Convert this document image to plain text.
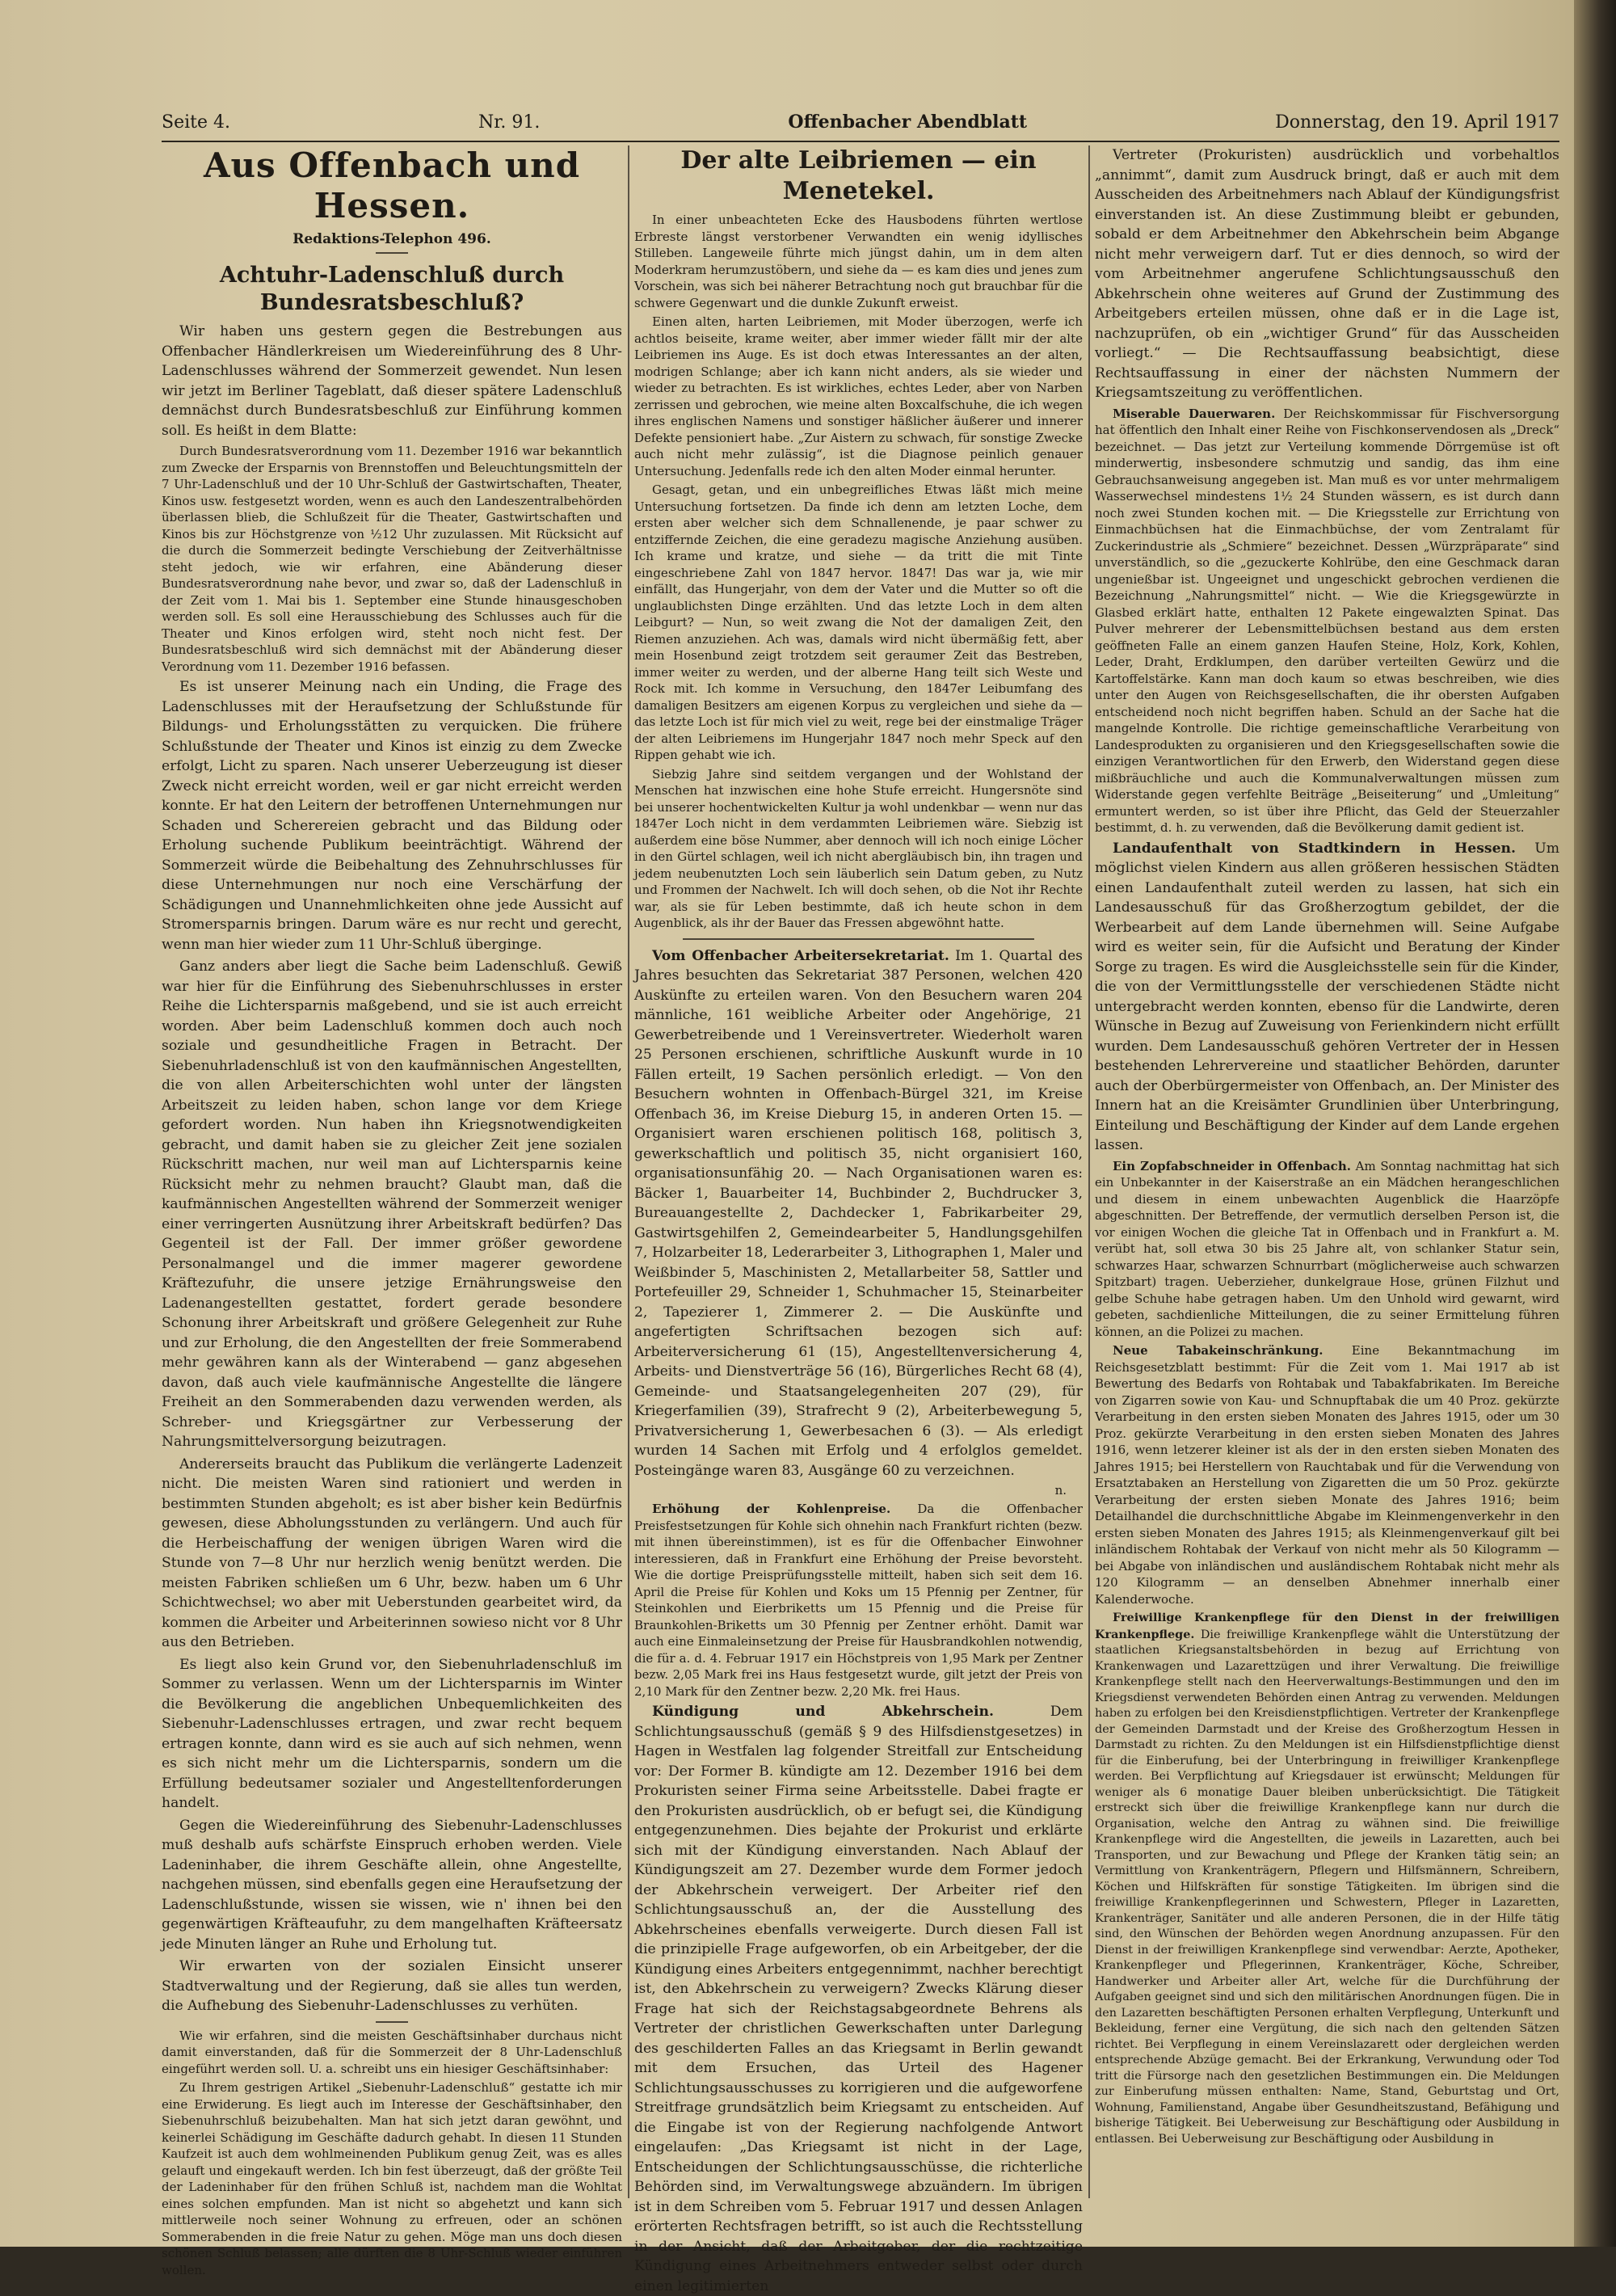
Seite 4.	Nr. 91.	Offenbacher Abendblatt	Donnerstag, den 19. April 1917
Aus Offenbach und Hessen.
Redaktions-Telephon 496.
Achtuhr-Ladenschluß durch Bundesratsbeschluß?

Wir haben uns gestern gegen die Bestrebungen aus Offenbacher Händlerkreisen um Wiedereinführung des 8 Uhr-Ladenschlusses während der Sommerzeit gewendet. Nun lesen wir jetzt im Berliner Tageblatt, daß dieser spätere Ladenschluß demnächst durch Bundesratsbeschluß zur Einführung kommen soll. Es heißt in dem Blatte:

Durch Bundesratsverordnung vom 11. Dezember 1916 war bekanntlich zum Zwecke der Ersparnis von Brennstoffen und Beleuchtungsmitteln der 7 Uhr-Ladenschluß und der 10 Uhr-Schluß der Gastwirtschaften, Theater, Kinos usw. festgesetzt worden, wenn es auch den Landeszentralbehörden überlassen blieb, die Schlußzeit für die Theater, Gastwirtschaften und Kinos bis zur Höchstgrenze von ½12 Uhr zuzulassen. Mit Rücksicht auf die durch die Sommerzeit bedingte Verschiebung der Zeitverhältnisse steht jedoch, wie wir erfahren, eine Abänderung dieser Bundesratsverordnung nahe bevor, und zwar so, daß der Ladenschluß in der Zeit vom 1. Mai bis 1. September eine Stunde hinausgeschoben werden soll. Es soll eine Herausschiebung des Schlusses auch für die Theater und Kinos erfolgen wird, steht noch nicht fest. Der Bundesratsbeschluß wird sich demnächst mit der Abänderung dieser Verordnung vom 11. Dezember 1916 befassen.

Es ist unserer Meinung nach ein Unding, die Frage des Ladenschlusses mit der Heraufsetzung der Schlußstunde für Bildungs- und Erholungsstätten zu verquicken. Die frühere Schlußstunde der Theater und Kinos ist einzig zu dem Zwecke erfolgt, Licht zu sparen. Nach unserer Ueberzeugung ist dieser Zweck nicht erreicht worden, weil er gar nicht erreicht werden konnte. Er hat den Leitern der betroffenen Unternehmungen nur Schaden und Scherereien gebracht und das Bildung oder Erholung suchende Publikum beeinträchtigt. Während der Sommerzeit würde die Beibehaltung des Zehnuhrschlusses für diese Unternehmungen nur noch eine Verschärfung der Schädigungen und Unannehmlichkeiten ohne jede Aussicht auf Stromersparnis bringen. Darum wäre es nur recht und gerecht, wenn man hier wieder zum 11 Uhr-Schluß überginge.

Ganz anders aber liegt die Sache beim Ladenschluß. Gewiß war hier für die Einführung des Siebenuhrschlusses in erster Reihe die Lichtersparnis maßgebend, und sie ist auch erreicht worden. Aber beim Ladenschluß kommen doch auch noch soziale und gesundheitliche Fragen in Betracht. Der Siebenuhrladenschluß ist von den kaufmännischen Angestellten, die von allen Arbeiterschichten wohl unter der längsten Arbeitszeit zu leiden haben, schon lange vor dem Kriege gefordert worden. Nun haben ihn Kriegsnotwendigkeiten gebracht, und damit haben sie zu gleicher Zeit jene sozialen Rückschritt machen, nur weil man auf Lichtersparnis keine Rücksicht mehr zu nehmen braucht? Glaubt man, daß die kaufmännischen Angestellten während der Sommerzeit weniger einer verringerten Ausnützung ihrer Arbeitskraft bedürfen? Das Gegenteil ist der Fall. Der immer größer gewordene Personalmangel und die immer magerer gewordene Kräftezufuhr, die unsere jetzige Ernährungsweise den Ladenangestellten gestattet, fordert gerade besondere Schonung ihrer Arbeitskraft und größere Gelegenheit zur Ruhe und zur Erholung, die den Angestellten der freie Sommerabend mehr gewähren kann als der Winterabend — ganz abgesehen davon, daß auch viele kaufmännische Angestellte die längere Freiheit an den Sommerabenden dazu verwenden werden, als Schreber- und Kriegsgärtner zur Verbesserung der Nahrungsmittelversorgung beizutragen.

Andererseits braucht das Publikum die verlängerte Ladenzeit nicht. Die meisten Waren sind rationiert und werden in bestimmten Stunden abgeholt; es ist aber bisher kein Bedürfnis gewesen, diese Abholungsstunden zu verlängern. Und auch für die Herbeischaffung der wenigen übrigen Waren wird die Stunde von 7—8 Uhr nur herzlich wenig benützt werden. Die meisten Fabriken schließen um 6 Uhr, bezw. haben um 6 Uhr Schichtwechsel; wo aber mit Ueberstunden gearbeitet wird, da kommen die Arbeiter und Arbeiterinnen sowieso nicht vor 8 Uhr aus den Betrieben.

Es liegt also kein Grund vor, den Siebenuhrladenschluß im Sommer zu verlassen. Wenn um der Lichtersparnis im Winter die Bevölkerung die angeblichen Unbequemlichkeiten des Siebenuhr-Ladenschlusses ertragen, und zwar recht bequem ertragen konnte, dann wird es sie auch auf sich nehmen, wenn es sich nicht mehr um die Lichtersparnis, sondern um die Erfüllung bedeutsamer sozialer und Angestelltenforderungen handelt.

Gegen die Wiedereinführung des Siebenuhr-Ladenschlusses muß deshalb aufs schärfste Einspruch erhoben werden. Viele Ladeninhaber, die ihrem Geschäfte allein, ohne Angestellte, nachgehen müssen, sind ebenfalls gegen eine Heraufsetzung der Ladenschlußstunde, wissen sie wissen, wie n' ihnen bei den gegenwärtigen Kräfteaufuhr, zu dem mangelhaften Kräfteersatz jede Minuten länger an Ruhe und Erholung tut.

Wir erwarten von der sozialen Einsicht unserer Stadtverwaltung und der Regierung, daß sie alles tun werden, die Aufhebung des Siebenuhr-Ladenschlusses zu verhüten.

Wie wir erfahren, sind die meisten Geschäftsinhaber durchaus nicht damit einverstanden, daß für die Sommerzeit der 8 Uhr-Ladenschluß eingeführt werden soll. U. a. schreibt uns ein hiesiger Geschäftsinhaber:

Zu Ihrem gestrigen Artikel „Siebenuhr-Ladenschluß“ gestatte ich mir eine Erwiderung. Es liegt auch im Interesse der Geschäftsinhaber, den Siebenuhrschluß beizubehalten. Man hat sich jetzt daran gewöhnt, und keinerlei Schädigung im Geschäfte dadurch gehabt. In diesen 11 Stunden Kaufzeit ist auch dem wohlmeinenden Publikum genug Zeit, was es alles gelauft und eingekauft werden. Ich bin fest überzeugt, daß der größte Teil der Ladeninhaber für den frühen Schluß ist, nachdem man die Wohltat eines solchen empfunden. Man ist nicht so abgehetzt und kann sich mittlerweile noch seiner Wohnung zu erfreuen, oder an schönen Sommerabenden in die freie Natur zu gehen. Möge man uns doch diesen schönen Schluß belassen; alle dürften die 8 Uhr-Schluß wieder einführen wollen.

Der alte Leibriemen — ein Menetekel.

In einer unbeachteten Ecke des Hausbodens führten wertlose Erbreste längst verstorbener Verwandten ein wenig idyllisches Stilleben. Langeweile führte mich jüngst dahin, um in dem alten Moderkram herumzustöbern, und siehe da — es kam dies und jenes zum Vorschein, was sich bei näherer Betrachtung noch gut brauchbar für die schwere Gegenwart und die dunkle Zukunft erweist.

Einen alten, harten Leibriemen, mit Moder überzogen, werfe ich achtlos beiseite, krame weiter, aber immer wieder fällt mir der alte Leibriemen ins Auge. Es ist doch etwas Interessantes an der alten, modrigen Schlange; aber ich kann nicht anders, als sie wieder und wieder zu betrachten. Es ist wirkliches, echtes Leder, aber von Narben zerrissen und gebrochen, wie meine alten Boxcalfschuhe, die ich wegen ihres englischen Namens und sonstiger häßlicher äußerer und innerer Defekte pensioniert habe. „Zur Aistern zu schwach, für sonstige Zwecke auch nicht mehr zulässig“, ist die Diagnose peinlich genauer Untersuchung. Jedenfalls rede ich den alten Moder einmal herunter.

Gesagt, getan, und ein unbegreifliches Etwas läßt mich meine Untersuchung fortsetzen. Da finde ich denn am letzten Loche, dem ersten aber welcher sich dem Schnallenende, je paar schwer zu entziffernde Zeichen, die eine geradezu magische Anziehung ausüben. Ich krame und kratze, und siehe — da tritt die mit Tinte eingeschriebene Zahl von 1847 hervor. 1847! Das war ja, wie mir einfällt, das Hungerjahr, von dem der Vater und die Mutter so oft die unglaublichsten Dinge erzählten. Und das letzte Loch in dem alten Leibgurt? — Nun, so weit zwang die Not der damaligen Zeit, den Riemen anzuziehen. Ach was, damals wird nicht übermäßig fett, aber mein Hosenbund zeigt trotzdem seit geraumer Zeit das Bestreben, immer weiter zu werden, und der alberne Hang teilt sich Weste und Rock mit. Ich komme in Versuchung, den 1847er Leibumfang des damaligen Besitzers am eigenen Korpus zu vergleichen und siehe da — das letzte Loch ist für mich viel zu weit, rege bei der einstmalige Träger der alten Leibriemens im Hungerjahr 1847 noch mehr Speck auf den Rippen gehabt wie ich.

Siebzig Jahre sind seitdem vergangen und der Wohlstand der Menschen hat inzwischen eine hohe Stufe erreicht. Hungersnöte sind bei unserer hochentwickelten Kultur ja wohl undenkbar — wenn nur das 1847er Loch nicht in dem verdammten Leibriemen wäre. Siebzig ist außerdem eine böse Nummer, aber dennoch will ich noch einige Löcher in den Gürtel schlagen, weil ich nicht abergläubisch bin, ihn tragen und jedem neubenutzten Loch sein läuberlich sein Datum geben, zu Nutz und Frommen der Nachwelt. Ich will doch sehen, ob die Not ihr Rechte war, als sie für Leben bestimmte, daß ich heute schon in dem Augenblick, als ihr der Bauer das Fressen abgewöhnt hatte.

Vom Offenbacher Arbeitersekretariat. Im 1. Quartal des Jahres besuchten das Sekretariat 387 Personen, welchen 420 Auskünfte zu erteilen waren. Von den Besuchern waren 204 männliche, 161 weibliche Arbeiter oder Angehörige, 21 Gewerbetreibende und 1 Vereinsvertreter. Wiederholt waren 25 Personen erschienen, schriftliche Auskunft wurde in 10 Fällen erteilt, 19 Sachen persönlich erledigt. — Von den Besuchern wohnten in Offenbach-Bürgel 321, im Kreise Offenbach 36, im Kreise Dieburg 15, in anderen Orten 15. — Organisiert waren erschienen politisch 168, politisch 3, gewerkschaftlich und politisch 35, nicht organisiert 160, organisationsunfähig 20. — Nach Organisationen waren es: Bäcker 1, Bauarbeiter 14, Buchbinder 2, Buchdrucker 3, Bureauangestellte 2, Dachdecker 1, Fabrikarbeiter 29, Gastwirtsgehilfen 2, Gemeindearbeiter 5, Handlungsgehilfen 7, Holzarbeiter 18, Lederarbeiter 3, Lithographen 1, Maler und Weißbinder 5, Maschinisten 2, Metallarbeiter 58, Sattler und Portefeuiller 29, Schneider 1, Schuhmacher 15, Steinarbeiter 2, Tapezierer 1, Zimmerer 2. — Die Auskünfte und angefertigten Schriftsachen bezogen sich auf: Arbeiterversicherung 61 (15), Angestelltenversicherung 4, Arbeits- und Dienstverträge 56 (16), Bürgerliches Recht 68 (4), Gemeinde- und Staatsangelegenheiten 207 (29), für Kriegerfamilien (39), Strafrecht 9 (2), Arbeiterbewegung 5, Privatversicherung 1, Gewerbesachen 6 (3). — Als erledigt wurden 14 Sachen mit Erfolg und 4 erfolglos gemeldet. Posteingänge waren 83, Ausgänge 60 zu verzeichnen.

n.

Erhöhung der Kohlenpreise. Da die Offenbacher Preisfestsetzungen für Kohle sich ohnehin nach Frankfurt richten (bezw. mit ihnen übereinstimmen), ist es für die Offenbacher Einwohner interessieren, daß in Frankfurt eine Erhöhung der Preise bevorsteht. Wie die dortige Preisprüfungsstelle mitteilt, haben sich seit dem 16. April die Preise für Kohlen und Koks um 15 Pfennig per Zentner, für Steinkohlen und Eierbriketts um 15 Pfennig und die Preise für Braunkohlen-Briketts um 30 Pfennig per Zentner erhöht. Damit war auch eine Einmaleinsetzung der Preise für Hausbrandkohlen notwendig, die für a. d. 4. Februar 1917 ein Höchstpreis von 1,95 Mark per Zentner bezw. 2,05 Mark frei ins Haus festgesetzt wurde, gilt jetzt der Preis von 2,10 Mark für den Zentner bezw. 2,20 Mk. frei Haus.

Kündigung und Abkehrschein.	Dem Schlichtungsausschuß (gemäß § 9 des Hilfsdienstgesetzes) in Hagen in Westfalen lag folgender Streitfall zur Entscheidung vor: Der Former B. kündigte am 12. Dezember 1916 bei dem Prokuristen seiner Firma seine Arbeitsstelle. Dabei fragte er den Prokuristen ausdrücklich, ob er befugt sei, die Kündigung entgegenzunehmen. Dies bejahte der Prokurist und erklärte sich mit der Kündigung einverstanden. Nach Ablauf der Kündigungszeit am 27. Dezember wurde dem Former jedoch der Abkehrschein verweigert. Der Arbeiter rief den Schlichtungsausschuß an, der die Ausstellung des Abkehrscheines ebenfalls verweigerte. Durch diesen Fall ist die prinzipielle Frage aufgeworfen, ob ein Arbeitgeber, der die Kündigung eines Arbeiters entgegennimmt, nachher berechtigt ist, den Abkehrschein zu verweigern? Zwecks Klärung dieser Frage hat sich der Reichstagsabgeordnete Behrens als Vertreter der christlichen Gewerkschaften unter Darlegung des geschilderten Falles an das Kriegsamt in Berlin gewandt mit dem Ersuchen, das Urteil des Hagener Schlichtungsausschusses zu korrigieren und die aufgeworfene Streitfrage grundsätzlich beim Kriegsamt zu entscheiden. Auf die Eingabe ist von der Regierung nachfolgende Antwort eingelaufen: „Das Kriegsamt ist nicht in der Lage, Entscheidungen der Schlichtungsausschüsse, die richterliche Behörden sind, im Verwaltungswege abzuändern. Im übrigen ist in dem Schreiben vom 5. Februar 1917 und dessen Anlagen erörterten Rechtsfragen betrifft, so ist auch die Rechtsstellung in der Ansicht, daß der Arbeitgeber, der die rechtzeitige Kündigung eines Arbeitnehmers entweder selbst oder durch einen legitimierten

Vertreter (Prokuristen) ausdrücklich und vorbehaltlos „annimmt“, damit zum Ausdruck bringt, daß er auch mit dem Ausscheiden des Arbeitnehmers nach Ablauf der Kündigungsfrist einverstanden ist. An diese Zustimmung bleibt er gebunden, sobald er dem Arbeitnehmer den Abkehrschein beim Abgange nicht mehr verweigern darf. Tut er dies dennoch, so wird der vom Arbeitnehmer angerufene Schlichtungsausschuß den Abkehrschein ohne weiteres auf Grund der Zustimmung des Arbeitgebers erteilen müssen, ohne daß er in die Lage ist, nachzuprüfen, ob ein „wichtiger Grund“ für das Ausscheiden vorliegt.“ — Die Rechtsauffassung beabsichtigt, diese Rechtsauffassung in einer der nächsten Nummern der Kriegsamtszeitung zu veröffentlichen.

Miserable Dauerwaren. Der Reichskommissar für Fischversorgung hat öffentlich den Inhalt einer Reihe von Fischkonservendosen als „Dreck“ bezeichnet. — Das jetzt zur Verteilung kommende Dörrgemüse ist oft minderwertig, insbesondere schmutzig und sandig, das ihm eine Gebrauchsanweisung angegeben ist. Man muß es vor unter mehrmaligem Wasserwechsel mindestens 1½ 24 Stunden wässern, es ist durch dann noch zwei Stunden kochen mit. — Die Kriegsstelle zur Errichtung von Einmachbüchsen hat die Einmachbüchse, der vom Zentralamt für Zuckerindustrie als „Schmiere“ bezeichnet. Dessen „Würzpräparate“ sind unverständlich, so die „gezuckerte Kohlrübe, den eine Geschmack daran ungenießbar ist. Ungeeignet und ungeschickt gebrochen verdienen die Bezeichnung „Nahrungsmittel“ nicht. — Wie die Kriegsgewürzte in Glasbed erklärt hatte, enthalten 12 Pakete eingewalzten Spinat. Das Pulver mehrerer der Lebensmittelbüchsen bestand aus dem ersten geöffneten Falle an einem ganzen Haufen Steine, Holz, Kork, Kohlen, Leder, Draht, Erdklumpen, den darüber verteilten Gewürz und die Kartoffelstärke. Kann man doch kaum so etwas beschreiben, wie dies unter den Augen von Reichsgesellschaften, die ihr obersten Aufgaben entscheidend noch nicht begriffen haben. Schuld an der Sache hat die mangelnde Kontrolle. Die richtige gemeinschaftliche Verarbeitung von Landesprodukten zu organisieren und den Kriegsgesellschaften sowie die einzigen Verantwortlichen für den Erwerb, den Widerstand gegen diese mißbräuchliche und auch die Kommunalverwaltungen müssen zum Widerstande gegen verfehlte Beiträge „Beiseiterung“ und „Umleitung“ ermuntert werden, so ist über ihre Pflicht, das Geld der Steuerzahler bestimmt, d. h. zu verwenden, daß die Bevölkerung damit gedient ist.

Landaufenthalt von Stadtkindern in Hessen. Um möglichst vielen Kindern aus allen größeren hessischen Städten einen Landaufenthalt zuteil werden zu lassen, hat sich ein Landesausschuß für das Großherzogtum gebildet, der die Werbearbeit auf dem Lande übernehmen will. Seine Aufgabe wird es weiter sein, für die Aufsicht und Beratung der Kinder Sorge zu tragen. Es wird die Ausgleichsstelle sein für die Kinder, die von der Vermittlungsstelle der verschiedenen Städte nicht untergebracht werden konnten, ebenso für die Landwirte, deren Wünsche in Bezug auf Zuweisung von Ferienkindern nicht erfüllt wurden. Dem Landesausschuß gehören Vertreter der in Hessen bestehenden Lehrervereine und staatlicher Behörden, darunter auch der Oberbürgermeister von Offenbach, an. Der Minister des Innern hat an die Kreisämter Grundlinien über Unterbringung, Einteilung und Beschäftigung der Kinder auf dem Lande ergehen lassen.

Ein Zopfabschneider in Offenbach. Am Sonntag nachmittag hat sich ein Unbekannter in der Kaiserstraße an ein Mädchen herangeschlichen und diesem in einem unbewachten Augenblick die Haarzöpfe abgeschnitten. Der Betreffende, der vermutlich derselben Person ist, die vor einigen Wochen die gleiche Tat in Offenbach und in Frankfurt a. M. verübt hat, soll etwa 30 bis 25 Jahre alt, von schlanker Statur sein, schwarzes Haar, schwarzen Schnurrbart (möglicherweise auch schwarzen Spitzbart) tragen. Ueberzieher, dunkelgraue Hose, grünen Filzhut und gelbe Schuhe habe getragen haben. Um den Unhold wird gewarnt, wird gebeten, sachdienliche Mitteilungen, die zu seiner Ermittelung führen können, an die Polizei zu machen.

Neue Tabakeinschränkung. Eine Bekanntmachung im Reichsgesetzblatt bestimmt: Für die Zeit vom 1. Mai 1917 ab ist Bewertung des Bedarfs von Rohtabak und Tabakfabrikaten. Im Bereiche von Zigarren sowie von Kau- und Schnupftabak die um 40 Proz. gekürzte Verarbeitung in den ersten sieben Monaten des Jahres 1915, oder um 30 Proz. gekürzte Verarbeitung in den ersten sieben Monaten des Jahres 1916, wenn letzerer kleiner ist als der in den ersten sieben Monaten des Jahres 1915; bei Herstellern von Rauchtabak und für die Verwendung von Ersatztabaken an Herstellung von Zigaretten die um 50 Proz. gekürzte Verarbeitung der ersten sieben Monate des Jahres 1916; beim Detailhandel die durchschnittliche Abgabe im Kleinmengenverkehr in den ersten sieben Monaten des Jahres 1915; als Kleinmengenverkauf gilt bei inländischem Rohtabak der Verkauf von nicht mehr als 50 Kilogramm — bei Abgabe von inländischen und ausländischem Rohtabak nicht mehr als 120 Kilogramm — an denselben Abnehmer innerhalb einer Kalenderwoche.

Freiwillige Krankenpflege für den Dienst in der freiwilligen Krankenpflege. Die freiwillige Krankenpflege wählt die Unterstützung der staatlichen Kriegsanstaltsbehörden in bezug auf Errichtung von Krankenwagen und Lazarettzügen und ihrer Verwaltung. Die freiwillige Krankenpflege stellt nach den Heerverwaltungs-Bestimmungen und den im Kriegsdienst verwendeten Behörden einen Antrag zu verwenden. Meldungen haben zu erfolgen bei den Kreisdienstpflichtigen. Vertreter der Krankenpflege der Gemeinden Darmstadt und der Kreise des Großherzogtum Hessen in Darmstadt zu richten. Zu den Meldungen ist ein Hilfsdienstpflichtige dienst für die Einberufung, bei der Unterbringung in freiwilliger Krankenpflege werden. Bei Verpflichtung auf Kriegsdauer ist erwünscht; Meldungen für weniger als 6 monatige Dauer bleiben unberücksichtigt. Die Tätigkeit erstreckt sich über die freiwillige Krankenpflege kann nur durch die Organisation, welche den Antrag zu wähnen sind. Die freiwillige Krankenpflege wird die Angestellten, die jeweils in Lazaretten, auch bei Transporten, und zur Bewachung und Pflege der Kranken tätig sein; an Vermittlung von Krankenträgern, Pflegern und Hilfsmännern, Schreibern, Köchen und Hilfskräften für sonstige Tätigkeiten. Im übrigen sind die freiwillige Krankenpflegerinnen und Schwestern, Pfleger in Lazaretten, Krankenträger, Sanitäter und alle anderen Personen, die in der Hilfe tätig sind, den Wünschen der Behörden wegen Anordnung anzupassen. Für den Dienst in der freiwilligen Krankenpflege sind verwendbar: Aerzte, Apotheker, Krankenpfleger und Pflegerinnen, Krankenträger, Köche, Schreiber, Handwerker und Arbeiter aller Art, welche für die Durchführung der Aufgaben geeignet sind und sich den militärischen Anordnungen fügen. Die in den Lazaretten beschäftigten Personen erhalten Verpflegung, Unterkunft und Bekleidung, ferner eine Vergütung, die sich nach den geltenden Sätzen richtet. Bei Verpflegung in einem Vereinslazarett oder dergleichen werden entsprechende Abzüge gemacht. Bei der Erkrankung, Verwundung oder Tod tritt die Fürsorge nach den gesetzlichen Bestimmungen ein. Die Meldungen zur Einberufung müssen enthalten: Name, Stand, Geburtstag und Ort, Wohnung, Familienstand, Angabe über Gesundheitszustand, Befähigung und bisherige Tätigkeit. Bei Ueberweisung zur Beschäftigung oder Ausbildung in entlassen. Bei Ueberweisung zur Beschäftigung oder Ausbildung in
